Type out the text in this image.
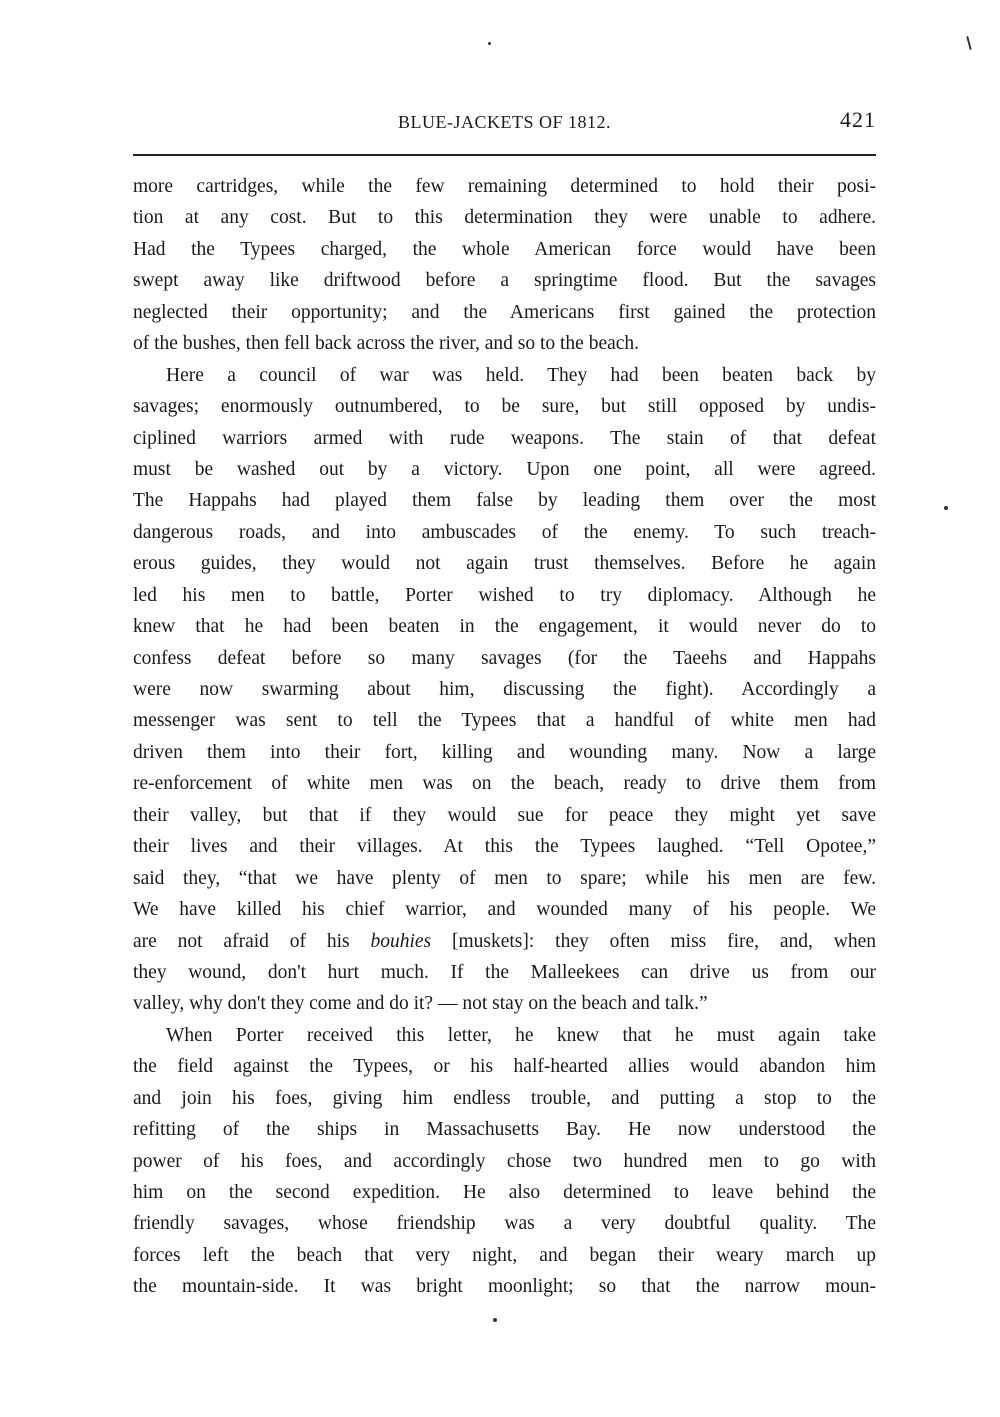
BLUE-JACKETS OF 1812.	421
more cartridges, while the few remaining determined to hold their posi-
tion at any cost. But to this determination they were unable to adhere.
Had the Typees charged, the whole American force would have been
swept away like driftwood before a springtime flood. But the savages
neglected their opportunity; and the Americans first gained the protection
of the bushes, then fell back across the river, and so to the beach.
Here a council of war was held. They had been beaten back by
savages; enormously outnumbered, to be sure, but still opposed by undis-
ciplined warriors armed with rude weapons. The stain of that defeat
must be washed out by a victory. Upon one point, all were agreed.
The Happahs had played them false by leading them over the most
dangerous roads, and into ambuscades of the enemy. To such treach-
erous guides, they would not again trust themselves. Before he again
led his men to battle, Porter wished to try diplomacy. Although he
knew that he had been beaten in the engagement, it would never do to
confess defeat before so many savages (for the Taeehs and Happahs
were now swarming about him, discussing the fight). Accordingly a
messenger was sent to tell the Typees that a handful of white men had
driven them into their fort, killing and wounding many. Now a large
re-enforcement of white men was on the beach, ready to drive them from
their valley, but that if they would sue for peace they might yet save
their lives and their villages. At this the Typees laughed. “Tell Opotee,”
said they, “that we have plenty of men to spare; while his men are few.
We have killed his chief warrior, and wounded many of his people. We
are not afraid of his bouhies [muskets]: they often miss fire, and, when
they wound, don't hurt much. If the Malleekees can drive us from our
valley, why don't they come and do it? — not stay on the beach and talk.”
When Porter received this letter, he knew that he must again take
the field against the Typees, or his half-hearted allies would abandon him
and join his foes, giving him endless trouble, and putting a stop to the
refitting of the ships in Massachusetts Bay. He now understood the
power of his foes, and accordingly chose two hundred men to go with
him on the second expedition. He also determined to leave behind the
friendly savages, whose friendship was a very doubtful quality. The
forces left the beach that very night, and began their weary march up
the mountain-side. It was bright moonlight; so that the narrow moun-
